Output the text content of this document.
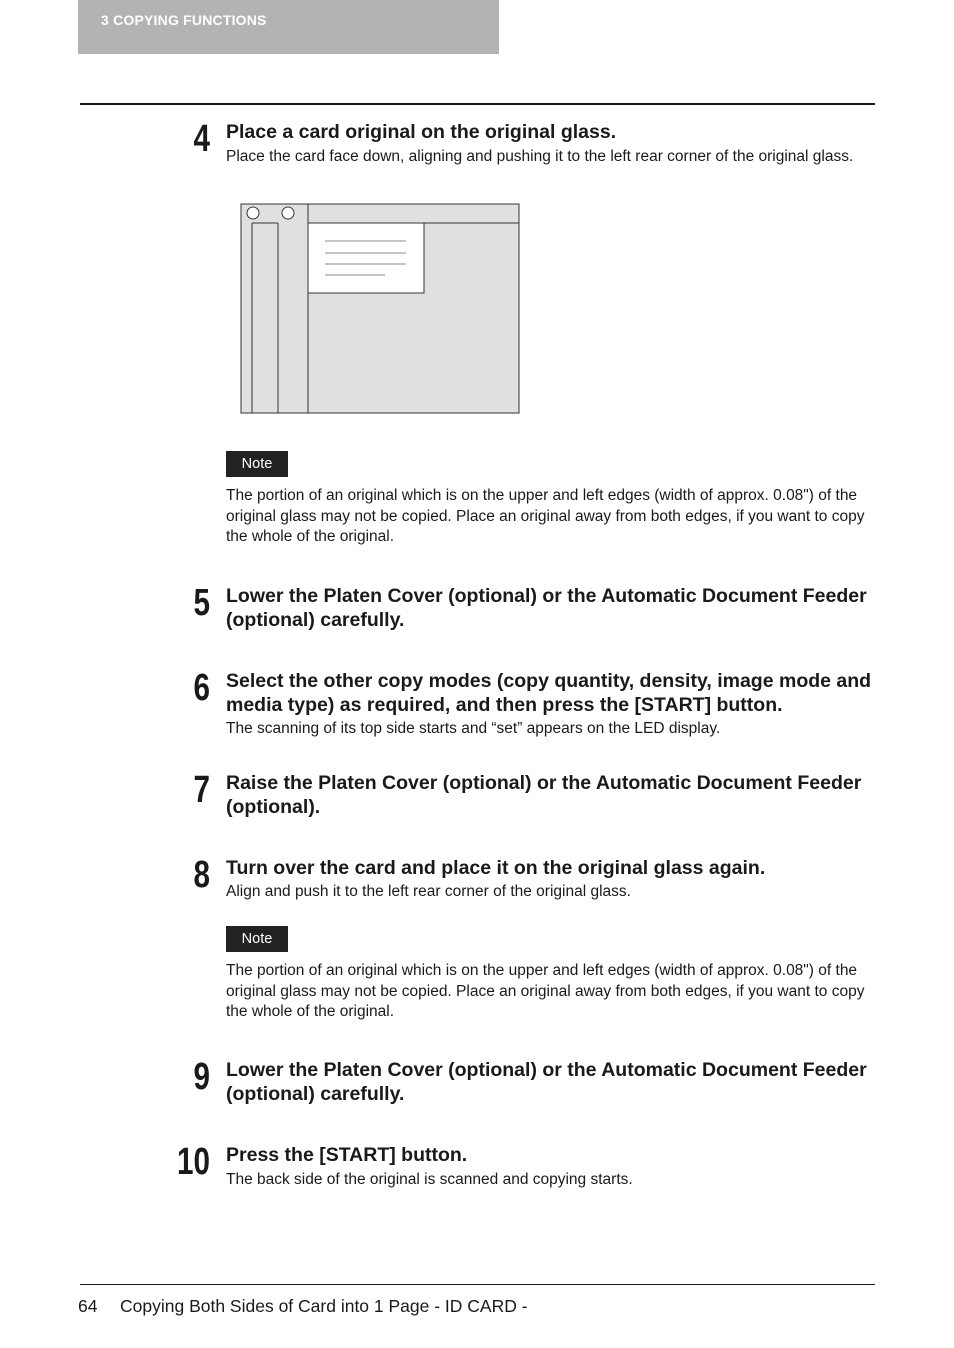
3 COPYING FUNCTIONS
4 Place a card original on the original glass.
Place the card face down, aligning and pushing it to the left rear corner of the original glass.
Note
The portion of an original which is on the upper and left edges (width of approx. 0.08") of the original glass may not be copied. Place an original away from both edges, if you want to copy the whole of the original.
5 Lower the Platen Cover (optional) or the Automatic Document Feeder (optional) carefully.
6 Select the other copy modes (copy quantity, density, image mode and media type) as required, and then press the [START] button.
The scanning of its top side starts and “set” appears on the LED display.
7 Raise the Platen Cover (optional) or the Automatic Document Feeder (optional).
8 Turn over the card and place it on the original glass again.
Align and push it to the left rear corner of the original glass.
Note
The portion of an original which is on the upper and left edges (width of approx. 0.08") of the original glass may not be copied. Place an original away from both edges, if you want to copy the whole of the original.
9 Lower the Platen Cover (optional) or the Automatic Document Feeder (optional) carefully.
10 Press the [START] button.
The back side of the original is scanned and copying starts.
64 Copying Both Sides of Card into 1 Page - ID CARD -
